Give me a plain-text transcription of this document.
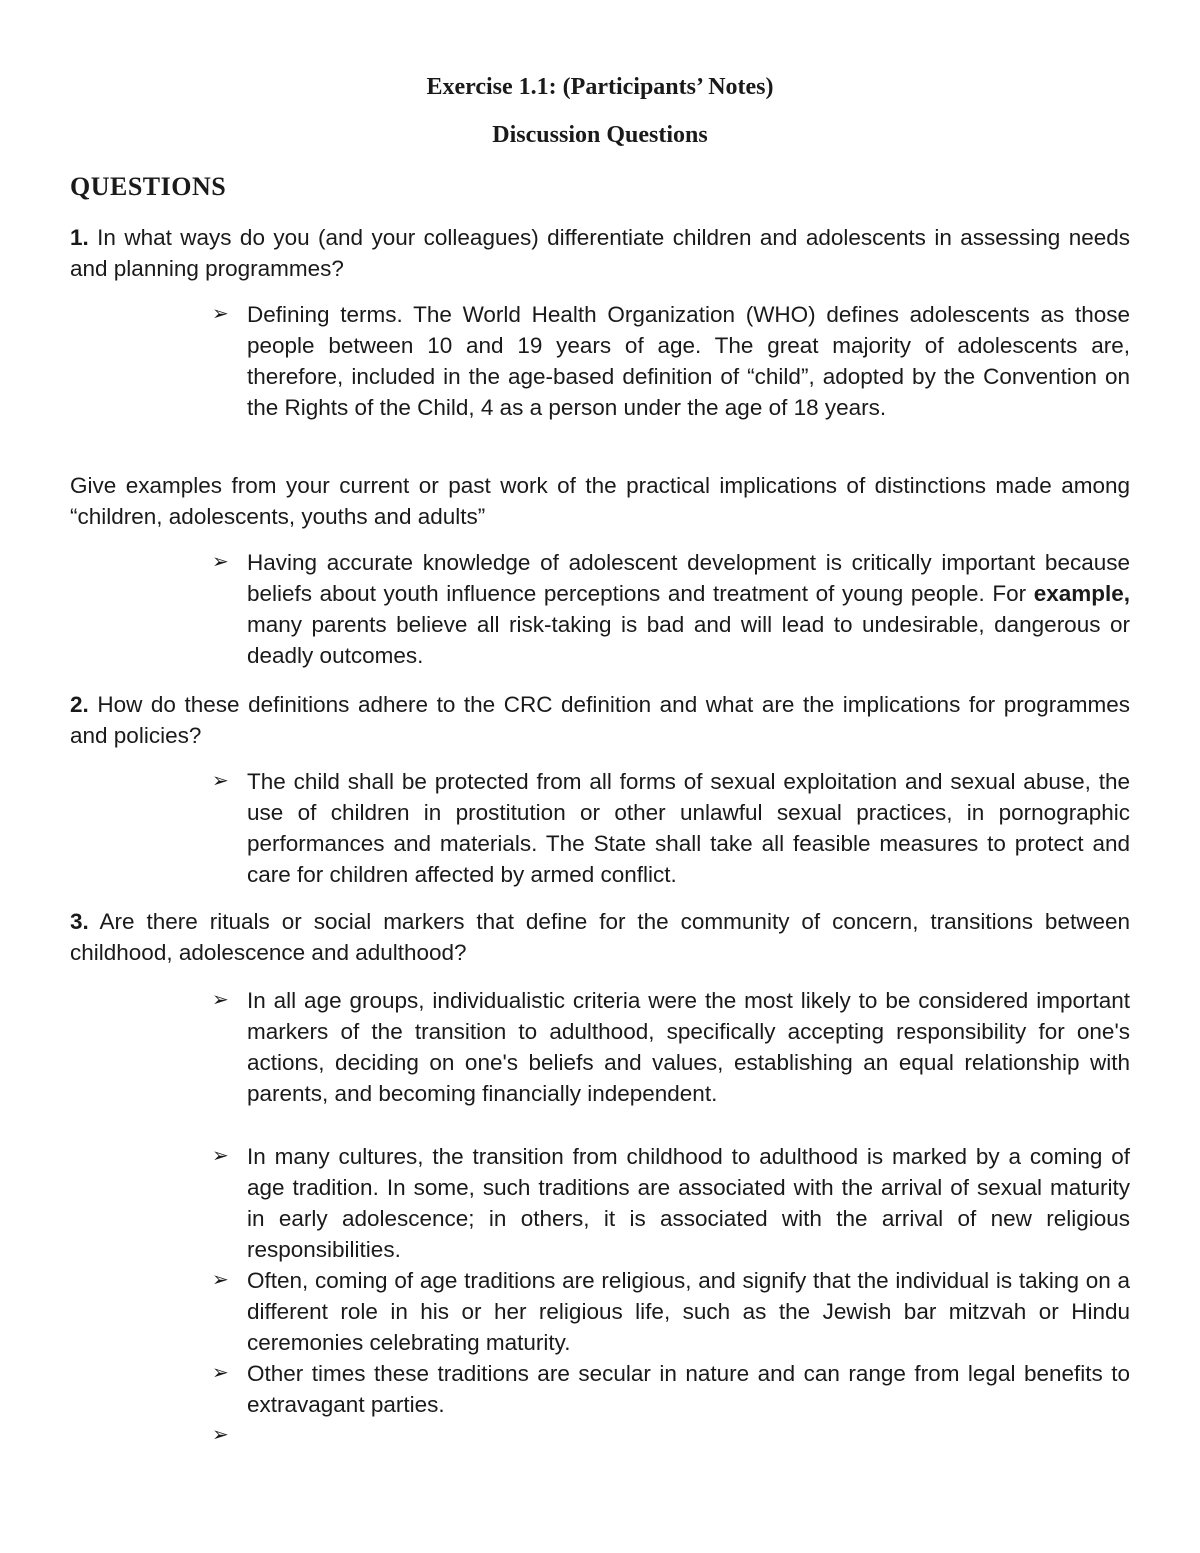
Exercise 1.1: (Participants’ Notes)
Discussion Questions
QUESTIONS
1. In what ways do you (and your colleagues) differentiate children and adolescents in assessing needs and planning programmes?
➢ Defining terms. The World Health Organization (WHO) defines adolescents as those people between 10 and 19 years of age. The great majority of adolescents are, therefore, included in the age-based definition of “child”, adopted by the Convention on the Rights of the Child, 4 as a person under the age of 18 years.
Give examples from your current or past work of the practical implications of distinctions made among “children, adolescents, youths and adults”
➢ Having accurate knowledge of adolescent development is critically important because beliefs about youth influence perceptions and treatment of young people. For example, many parents believe all risk-taking is bad and will lead to undesirable, dangerous or deadly outcomes.
2. How do these definitions adhere to the CRC definition and what are the implications for programmes and policies?
➢ The child shall be protected from all forms of sexual exploitation and sexual abuse, the use of children in prostitution or other unlawful sexual practices, in pornographic performances and materials. The State shall take all feasible measures to protect and care for children affected by armed conflict.
3. Are there rituals or social markers that define for the community of concern, transitions between childhood, adolescence and adulthood?
➢ In all age groups, individualistic criteria were the most likely to be considered important markers of the transition to adulthood, specifically accepting responsibility for one's actions, deciding on one's beliefs and values, establishing an equal relationship with parents, and becoming financially independent.
➢ In many cultures, the transition from childhood to adulthood is marked by a coming of age tradition. In some, such traditions are associated with the arrival of sexual maturity in early adolescence; in others, it is associated with the arrival of new religious responsibilities.
➢ Often, coming of age traditions are religious, and signify that the individual is taking on a different role in his or her religious life, such as the Jewish bar mitzvah or Hindu ceremonies celebrating maturity.
➢ Other times these traditions are secular in nature and can range from legal benefits to extravagant parties.
➢
